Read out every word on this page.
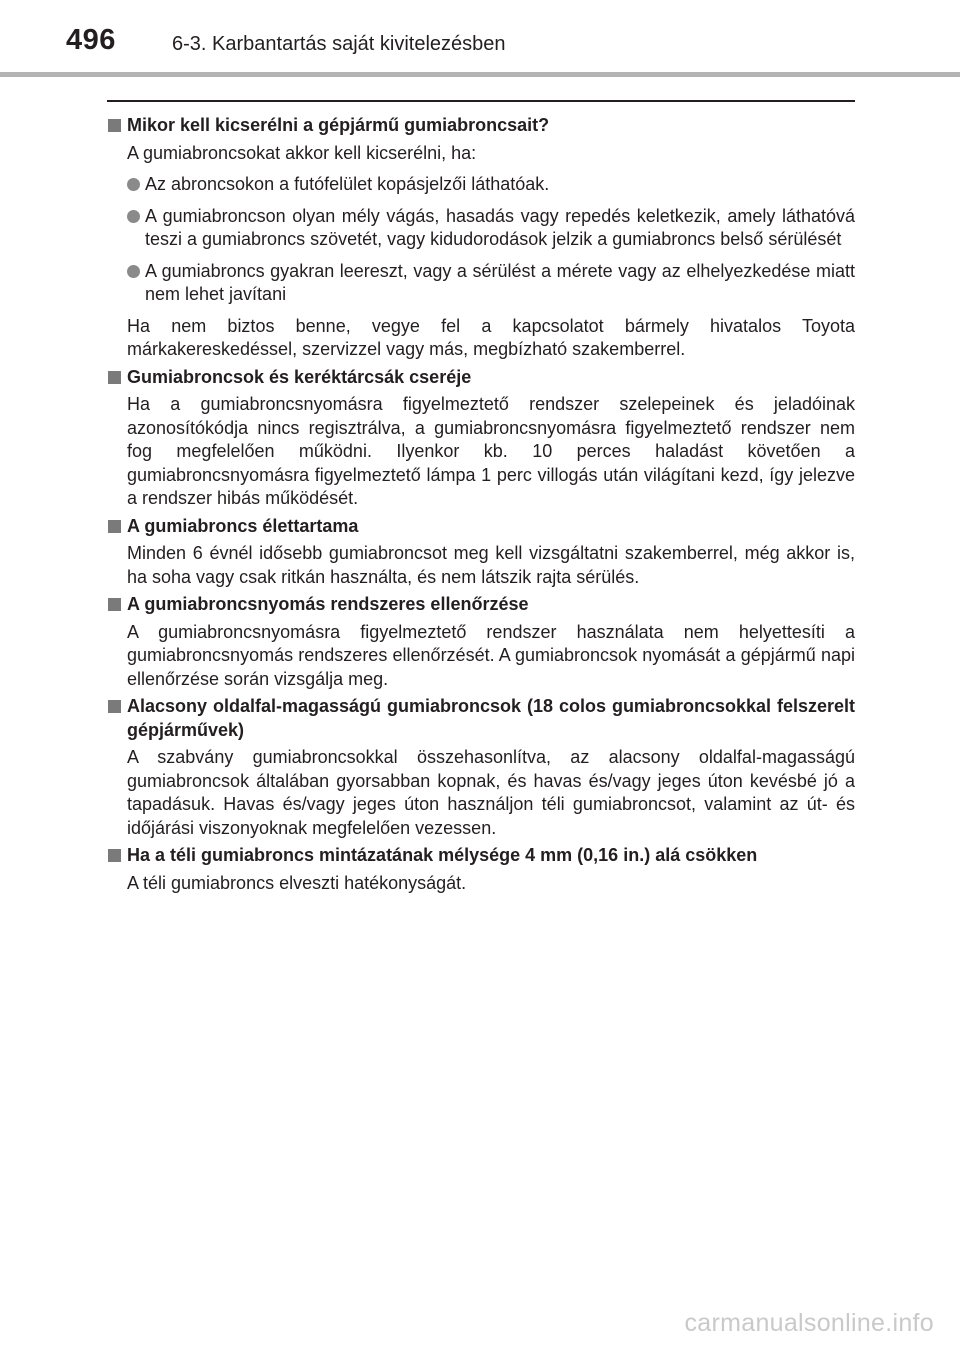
496	6-3. Karbantartás saját kivitelezésben
Mikor kell kicserélni a gépjármű gumiabroncsait?
A gumiabroncsokat akkor kell kicserélni, ha:
Az abroncsokon a futófelület kopásjelzői láthatóak.
A gumiabroncson olyan mély vágás, hasadás vagy repedés keletkezik, amely láthatóvá teszi a gumiabroncs szövetét, vagy kidudorodások jelzik a gumiabroncs belső sérülését
A gumiabroncs gyakran leereszt, vagy a sérülést a mérete vagy az elhelyezkedése miatt nem lehet javítani
Ha nem biztos benne, vegye fel a kapcsolatot bármely hivatalos Toyota márkakereskedéssel, szervizzel vagy más, megbízható szakemberrel.
Gumiabroncsok és keréktárcsák cseréje
Ha a gumiabroncsnyomásra figyelmeztető rendszer szelepeinek és jeladóinak azonosítókódja nincs regisztrálva, a gumiabroncsnyomásra figyelmeztető rendszer nem fog megfelelően működni. Ilyenkor kb. 10 perces haladást követően a gumiabroncsnyomásra figyelmeztető lámpa 1 perc villogás után világítani kezd, így jelezve a rendszer hibás működését.
A gumiabroncs élettartama
Minden 6 évnél idősebb gumiabroncsot meg kell vizsgáltatni szakemberrel, még akkor is, ha soha vagy csak ritkán használta, és nem látszik rajta sérülés.
A gumiabroncsnyomás rendszeres ellenőrzése
A gumiabroncsnyomásra figyelmeztető rendszer használata nem helyettesíti a gumiabroncsnyomás rendszeres ellenőrzését. A gumiabroncsok nyomását a gépjármű napi ellenőrzése során vizsgálja meg.
Alacsony oldalfal-magasságú gumiabroncsok (18 colos gumiabroncsokkal felszerelt gépjárművek)
A szabvány gumiabroncsokkal összehasonlítva, az alacsony oldalfal-magasságú gumiabroncsok általában gyorsabban kopnak, és havas és/vagy jeges úton kevésbé jó a tapadásuk. Havas és/vagy jeges úton használjon téli gumiabroncsot, valamint az út- és időjárási viszonyoknak megfelelően vezessen.
Ha a téli gumiabroncs mintázatának mélysége 4 mm (0,16 in.) alá csökken
A téli gumiabroncs elveszti hatékonyságát.
carmanualsonline.info
